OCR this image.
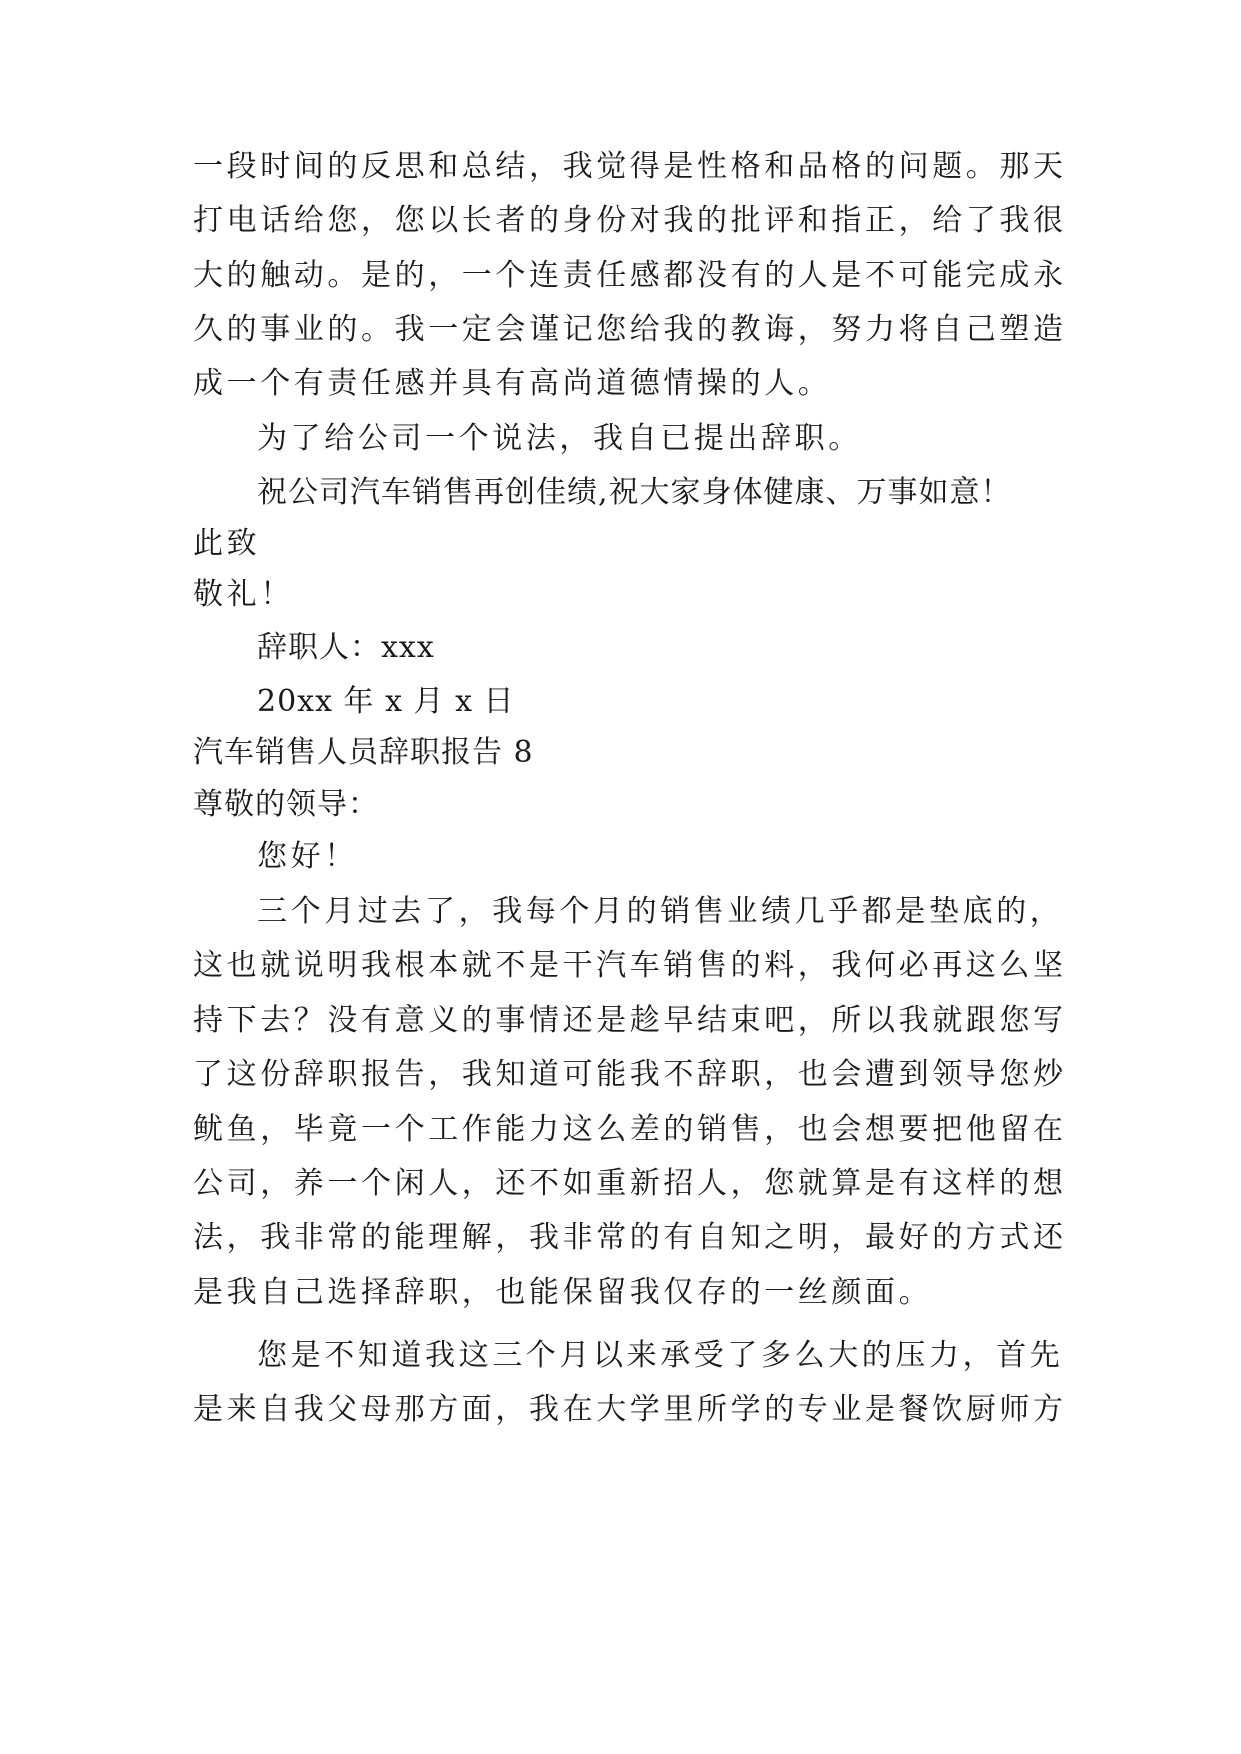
一段时间的反思和总结，我觉得是性格和品格的问题。那天
打电话给您，您以长者的身份对我的批评和指正，给了我很
大的触动。是的，一个连责任感都没有的人是不可能完成永
久的事业的。我一定会谨记您给我的教诲，努力将自己塑造
成一个有责任感并具有高尚道德情操的人。
为了给公司一个说法，我自已提出辞职。
祝公司汽车销售再创佳绩,祝大家身体健康、万事如意！
此致
敬礼！
辞职人：xxx
20xx 年 x 月 x 日
汽车销售人员辞职报告 8
尊敬的领导：
您好！
三个月过去了，我每个月的销售业绩几乎都是垫底的，
这也就说明我根本就不是干汽车销售的料，我何必再这么坚
持下去？没有意义的事情还是趁早结束吧，所以我就跟您写
了这份辞职报告，我知道可能我不辞职，也会遭到领导您炒
鱿鱼，毕竟一个工作能力这么差的销售，也会想要把他留在
公司，养一个闲人，还不如重新招人，您就算是有这样的想
法，我非常的能理解，我非常的有自知之明，最好的方式还
是我自己选择辞职，也能保留我仅存的一丝颜面。
您是不知道我这三个月以来承受了多么大的压力，首先
是来自我父母那方面，我在大学里所学的专业是餐饮厨师方
